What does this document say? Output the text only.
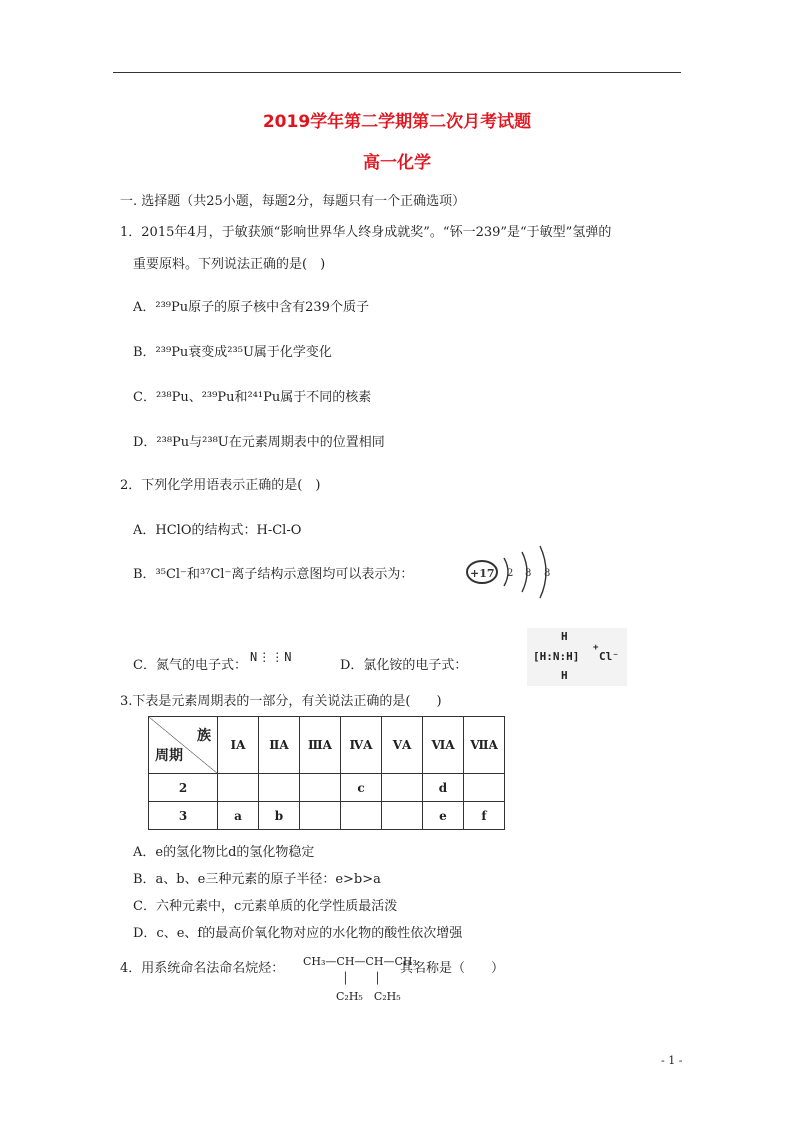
2019学年第二学期第二次月考试题
高一化学
一. 选择题（共25小题，每题2分，每题只有一个正确选项）
1．2015年4月，于敏获颁“影响世界华人终身成就奖”。“钚一239”是“于敏型”氢弹的
重要原料。下列说法正确的是(　)
A．²³⁹Pu原子的原子核中含有239个质子
B．²³⁹Pu衰变成²³⁵U属于化学变化
C．²³⁸Pu、²³⁹Pu和²⁴¹Pu属于不同的核素
D．²³⁸Pu与²³⁸U在元素周期表中的位置相同
2．下列化学用语表示正确的是(　)
A．HClO的结构式：H-Cl-O
B．³⁵Cl⁻和³⁷Cl⁻离子结构示意图均可以表示为：	+17 2 8 8
C．氮气的电子式：
N⋮⋮N
D．氯化铵的电子式：
H
[H:N:H]
+
Cl⁻
H
3.下表是元素周期表的一部分，有关说法正确的是(　　)
族
周期	ⅠA	ⅡA	ⅢA	ⅣA	ⅤA	ⅥA	ⅦA
2				c		d	
3	a	b				e	f
A．e的氢化物比d的氢化物稳定
B．a、b、e三种元素的原子半径：e>b>a
C．六种元素中，c元素单质的化学性质最活泼
D．c、e、f的最高价氧化物对应的水化物的酸性依次增强
4．用系统命名法命名烷烃： CH₃—CH—CH—CH₃
│　　 │
C₂H₅　C₂H₅
其名称是（　　）
- 1 -
